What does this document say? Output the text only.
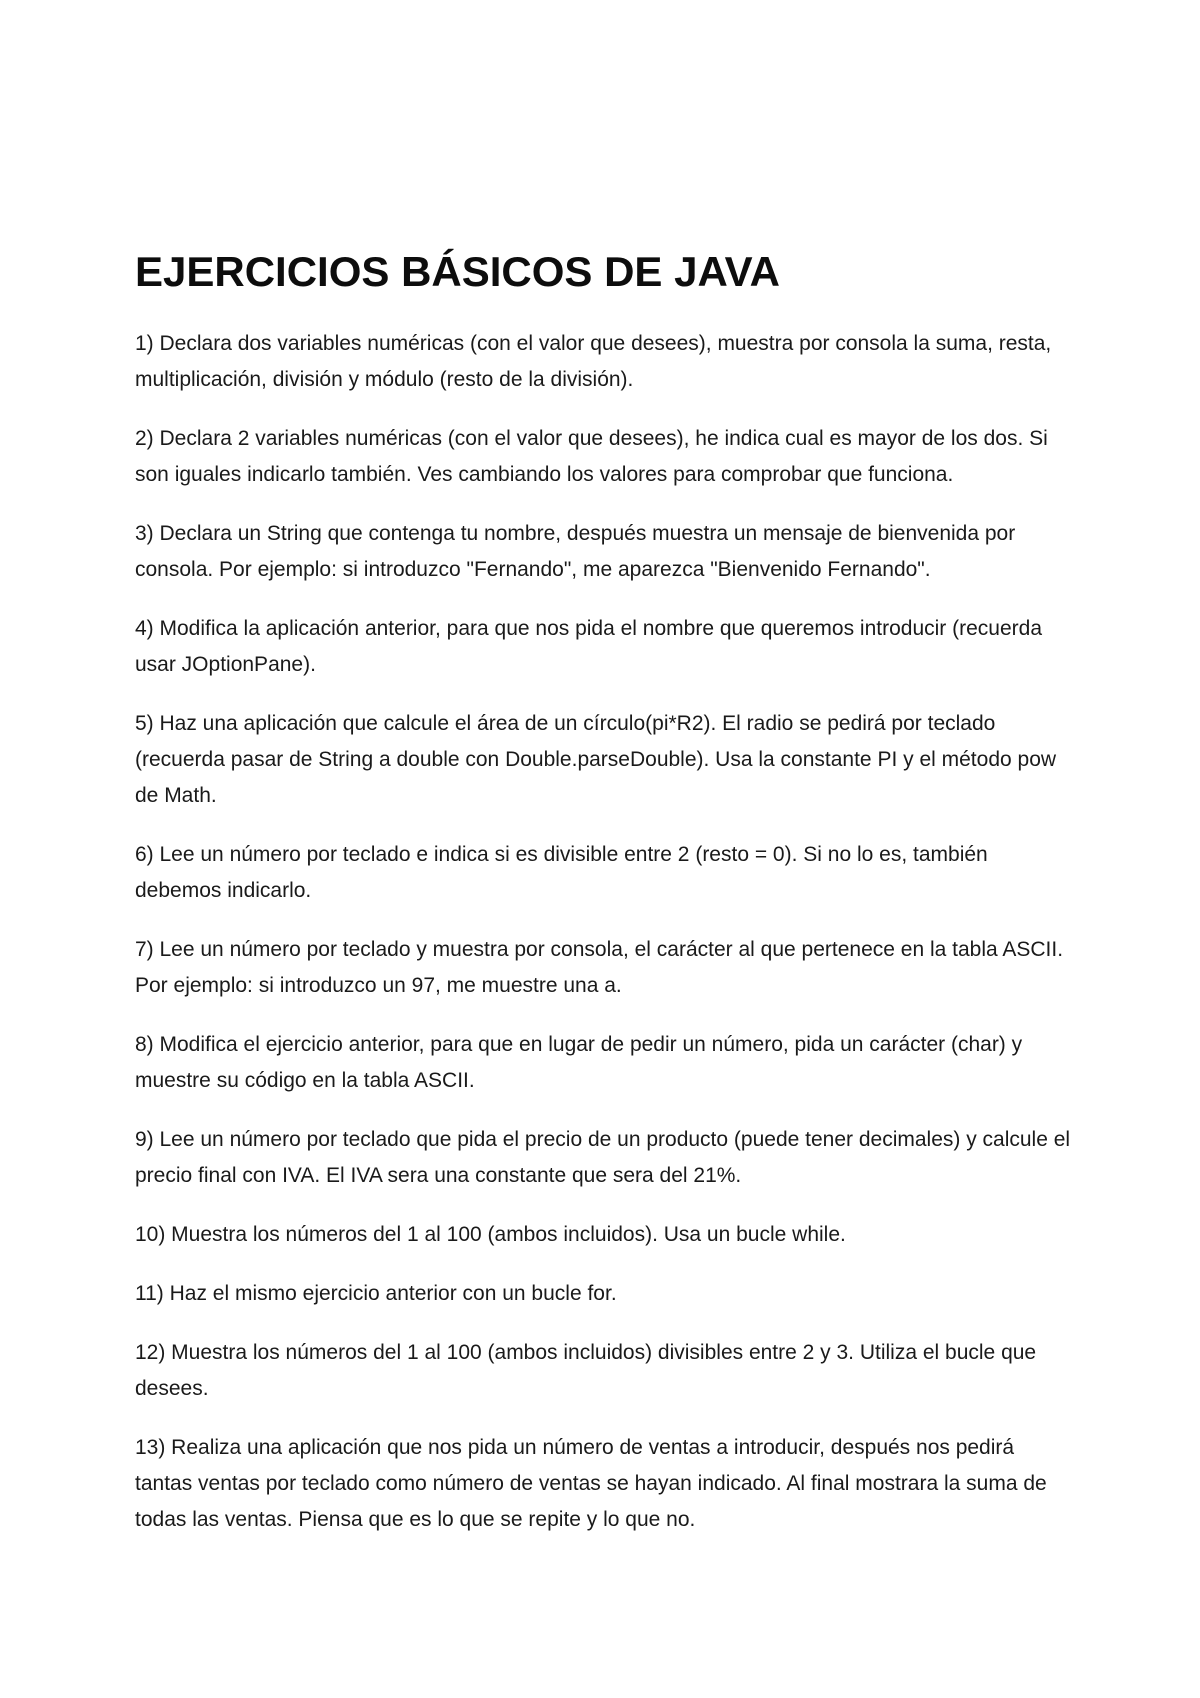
EJERCICIOS BÁSICOS DE JAVA

1) Declara dos variables numéricas (con el valor que desees), muestra por consola la suma, resta, multiplicación, división y módulo (resto de la división).

2) Declara 2 variables numéricas (con el valor que desees), he indica cual es mayor de los dos. Si son iguales indicarlo también. Ves cambiando los valores para comprobar que funciona.

3) Declara un String que contenga tu nombre, después muestra un mensaje de bienvenida por consola. Por ejemplo: si introduzco "Fernando", me aparezca "Bienvenido Fernando".

4) Modifica la aplicación anterior, para que nos pida el nombre que queremos introducir (recuerda usar JOptionPane).

5) Haz una aplicación que calcule el área de un círculo(pi*R2). El radio se pedirá por teclado (recuerda pasar de String a double con Double.parseDouble). Usa la constante PI y el método pow de Math.

6) Lee un número por teclado e indica si es divisible entre 2 (resto = 0). Si no lo es, también debemos indicarlo.

7) Lee un número por teclado y muestra por consola, el carácter al que pertenece en la tabla ASCII. Por ejemplo: si introduzco un 97, me muestre una a.

8) Modifica el ejercicio anterior, para que en lugar de pedir un número, pida un carácter (char) y muestre su código en la tabla ASCII.

9) Lee un número por teclado que pida el precio de un producto (puede tener decimales) y calcule el precio final con IVA. El IVA sera una constante que sera del 21%.

10) Muestra los números del 1 al 100 (ambos incluidos). Usa un bucle while.

11) Haz el mismo ejercicio anterior con un bucle for.

12) Muestra los números del 1 al 100 (ambos incluidos) divisibles entre 2 y 3. Utiliza el bucle que desees.

13) Realiza una aplicación que nos pida un número de ventas a introducir, después nos pedirá tantas ventas por teclado como número de ventas se hayan indicado. Al final mostrara la suma de todas las ventas. Piensa que es lo que se repite y lo que no.
